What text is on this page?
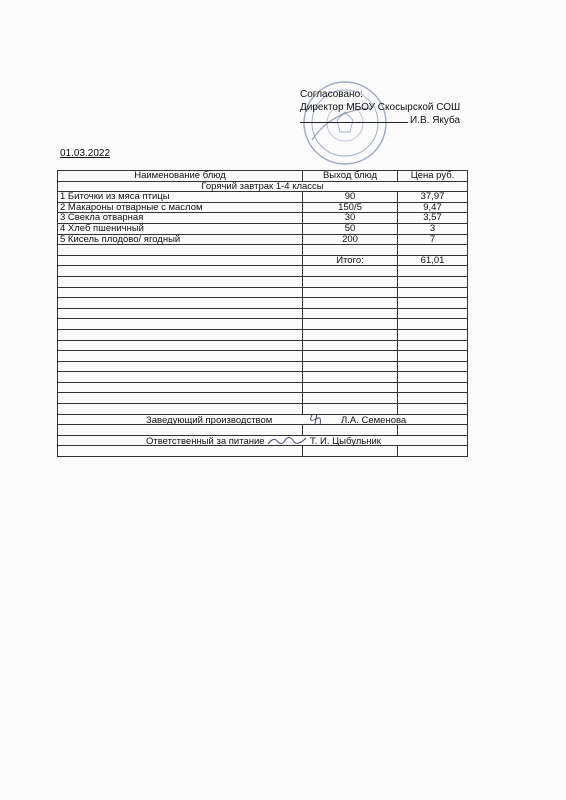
Согласовано:
Директор МБОУ Скосырской СОШ
И.В. Якуба
01.03.2022
Наименование блюд	Выход блюд	Цена руб.
Горячий завтрак 1-4 классы		
1 Биточки из мяса птицы	90	37,97
2 Макароны отварные с маслом	150/5	9,47
3 Свекла отварная	30	3,57
4 Хлеб пшеничный	50	3
5 Кисель плодово/ ягодный	200	7

	Итого:	61,01

Заведующий производством Л.А. Семенова		

Ответственный за питание Т. И. Цыбульник		
